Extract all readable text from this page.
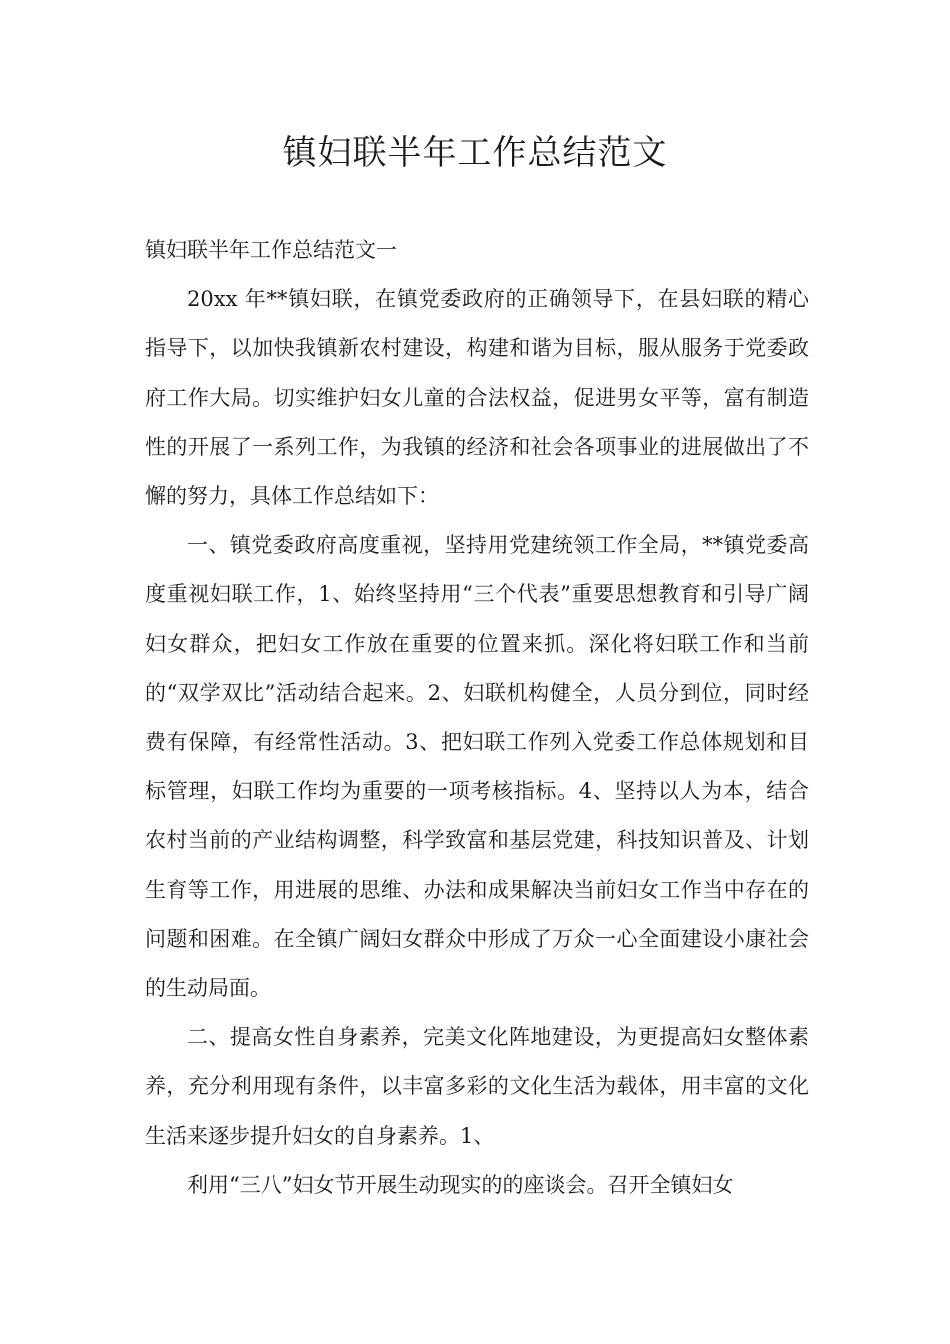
镇妇联半年工作总结范文

镇妇联半年工作总结范文一

20xx 年**镇妇联，在镇党委政府的正确领导下，在县妇联的精心指导下，以加快我镇新农村建设，构建和谐为目标，服从服务于党委政府工作大局。切实维护妇女儿童的合法权益，促进男女平等，富有制造性的开展了一系列工作，为我镇的经济和社会各项事业的进展做出了不懈的努力，具体工作总结如下：

一、镇党委政府高度重视，坚持用党建统领工作全局，**镇党委高度重视妇联工作，1、始终坚持用“三个代表”重要思想教育和引导广阔妇女群众，把妇女工作放在重要的位置来抓。深化将妇联工作和当前的“双学双比”活动结合起来。2、妇联机构健全，人员分到位，同时经费有保障，有经常性活动。3、把妇联工作列入党委工作总体规划和目标管理，妇联工作均为重要的一项考核指标。4、坚持以人为本，结合农村当前的产业结构调整，科学致富和基层党建，科技知识普及、计划生育等工作，用进展的思维、办法和成果解决当前妇女工作当中存在的问题和困难。在全镇广阔妇女群众中形成了万众一心全面建设小康社会的生动局面。

二、提高女性自身素养，完美文化阵地建设，为更提高妇女整体素养，充分利用现有条件，以丰富多彩的文化生活为载体，用丰富的文化生活来逐步提升妇女的自身素养。1、

利用“三八”妇女节开展生动现实的的座谈会。召开全镇妇女
